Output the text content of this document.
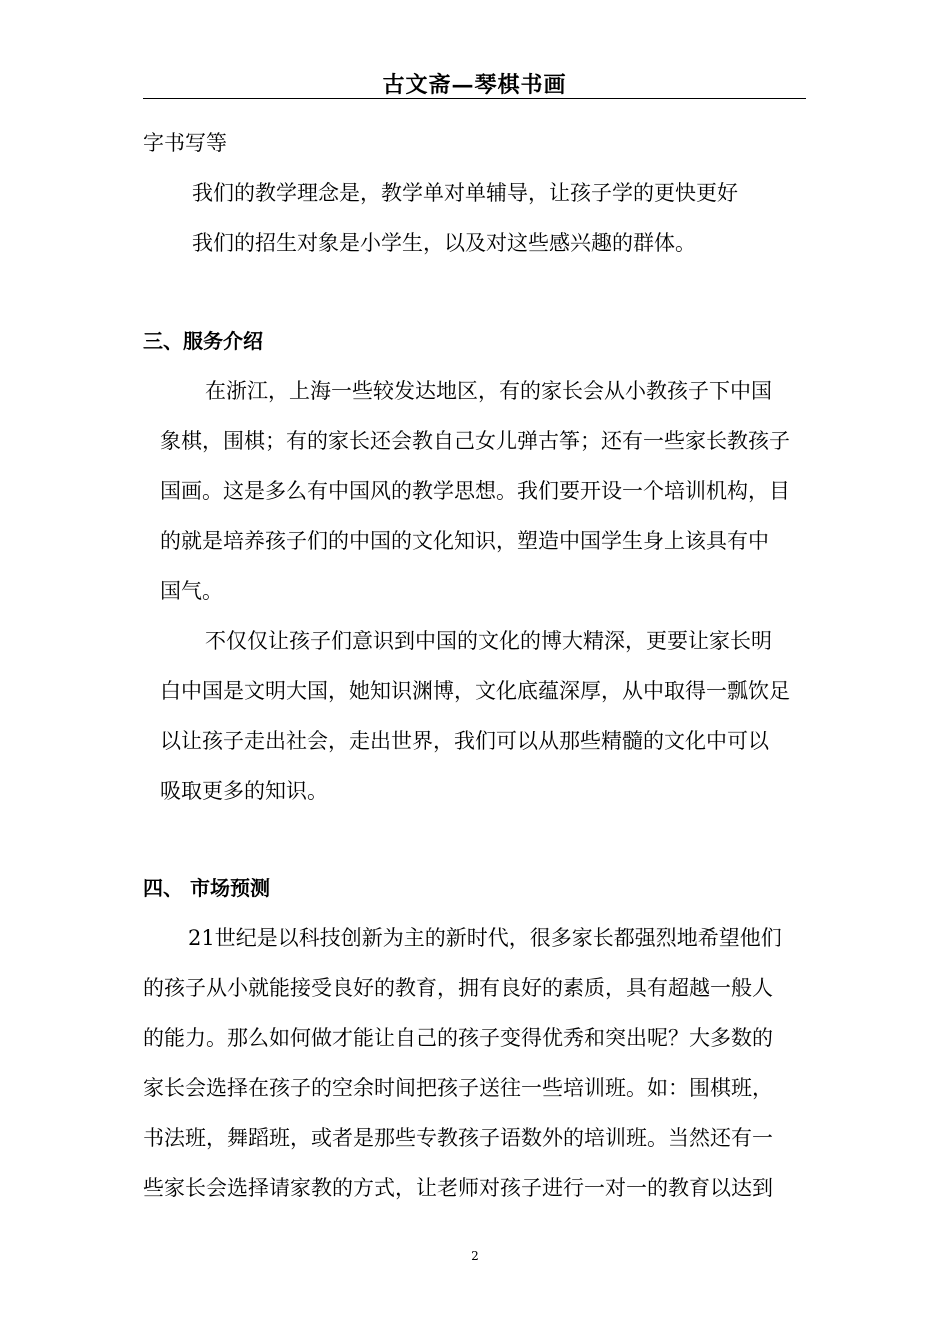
古文斋—琴棋书画
字书写等
我们的教学理念是，教学单对单辅导，让孩子学的更快更好
我们的招生对象是小学生，以及对这些感兴趣的群体。
三、服务介绍
在浙江，上海一些较发达地区，有的家长会从小教孩子下中国
象棋，围棋；有的家长还会教自己女儿弹古筝；还有一些家长教孩子
国画。这是多么有中国风的教学思想。我们要开设一个培训机构，目
的就是培养孩子们的中国的文化知识，塑造中国学生身上该具有中
国气。
不仅仅让孩子们意识到中国的文化的博大精深，更要让家长明
白中国是文明大国，她知识渊博，文化底蕴深厚，从中取得一瓢饮足
以让孩子走出社会，走出世界，我们可以从那些精髓的文化中可以
吸取更多的知识。
四、 市场预测
21世纪是以科技创新为主的新时代，很多家长都强烈地希望他们
的孩子从小就能接受良好的教育，拥有良好的素质，具有超越一般人
的能力。那么如何做才能让自己的孩子变得优秀和突出呢？大多数的
家长会选择在孩子的空余时间把孩子送往一些培训班。如：围棋班，
书法班，舞蹈班，或者是那些专教孩子语数外的培训班。当然还有一
些家长会选择请家教的方式，让老师对孩子进行一对一的教育以达到
2
